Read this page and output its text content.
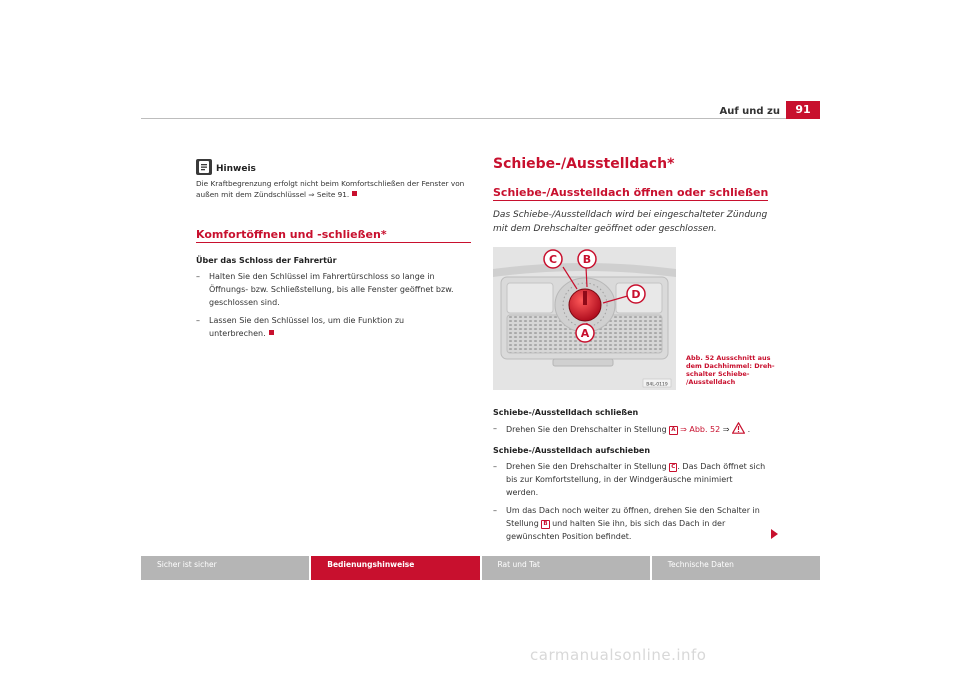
Auf und zu	91
Hinweis
Die Kraftbegrenzung erfolgt nicht beim Komfortschließen der Fenster von
außen mit dem Zündschlüssel ⇒ Seite 91.
Komfortöffnen und -schließen*
Über das Schloss der Fahrertür
– Halten Sie den Schlüssel im Fahrertürschloss so lange in
Öffnungs- bzw. Schließstellung, bis alle Fenster geöffnet bzw.
geschlossen sind.
– Lassen Sie den Schlüssel los, um die Funktion zu
unterbrechen.
Schiebe-/Ausstelldach*
Schiebe-/Ausstelldach öffnen oder schließen
Das Schiebe-/Ausstelldach wird bei eingeschalteter Zündung
mit dem Drehschalter geöffnet oder geschlossen.
C B
D
A
B4L-0119
Abb. 52 Ausschnitt aus
dem Dachhimmel: Dreh-
schalter Schiebe-
/Ausstelldach
Schiebe-/Ausstelldach schließen
– Drehen Sie den Drehschalter in Stellung A ⇒ Abb. 52 ⇒ .
Schiebe-/Ausstelldach aufschieben
– Drehen Sie den Drehschalter in Stellung C . Das Dach öffnet sich
bis zur Komfortstellung, in der Windgeräusche minimiert
werden.
– Um das Dach noch weiter zu öffnen, drehen Sie den Schalter in
Stellung B und halten Sie ihn, bis sich das Dach in der
gewünschten Position befindet.
Sicher ist sicher	Bedienungshinweise	Rat und Tat	Technische Daten
carmanualsonline.info
